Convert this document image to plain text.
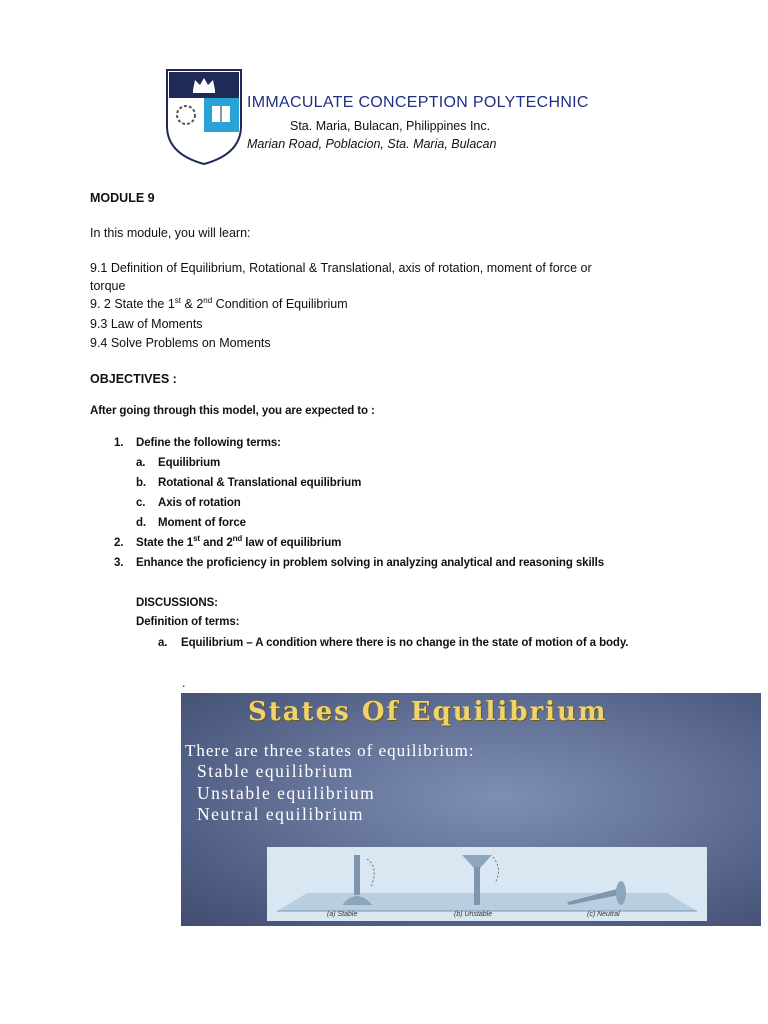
IMMACULATE CONCEPTION POLYTECHNIC
Sta. Maria, Bulacan, Philippines Inc.
Marian Road, Poblacion, Sta. Maria, Bulacan
MODULE 9
In this module, you will learn:
9.1 Definition of Equilibrium, Rotational & Translational, axis of rotation, moment of force or
torque
9. 2 State the 1st & 2nd Condition of Equilibrium
9.3 Law of Moments
9.4 Solve Problems on Moments
OBJECTIVES :
After going through this model, you are expected to :
1. Define the following terms:
a. Equilibrium
b. Rotational & Translational equilibrium
c. Axis of rotation
d. Moment of force
2. State the 1st and 2nd law of equilibrium
3. Enhance the proficiency in problem solving in analyzing analytical and reasoning skills
DISCUSSIONS:
Definition of terms:
a. Equilibrium – A condition where there is no change in the state of motion of a body.
.
States Of Equilibrium
There are three states of equilibrium:
Stable equilibrium
Unstable equilibrium
Neutral equilibrium
(a) Stable	(b) Unstable	(c) Neutral
